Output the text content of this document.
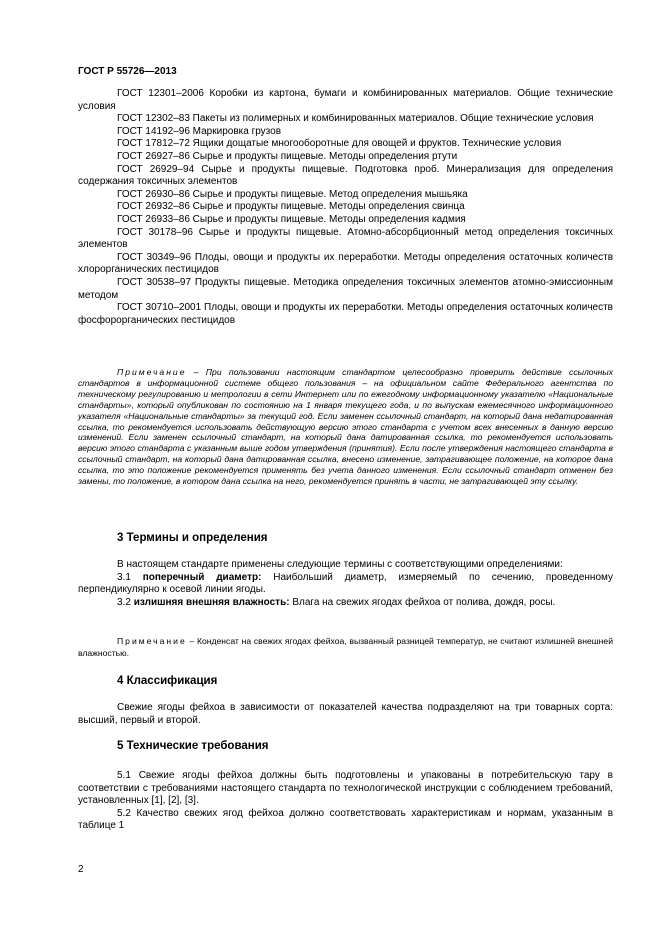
ГОСТ Р 55726—2013

ГОСТ 12301–2006 Коробки из картона, бумаги и комбинированных материалов. Общие технические условия

ГОСТ 12302–83 Пакеты из полимерных и комбинированных материалов. Общие технические условия

ГОСТ 14192–96 Маркировка грузов

ГОСТ 17812–72 Ящики дощатые многооборотные для овощей и фруктов. Технические условия

ГОСТ 26927–86 Сырье и продукты пищевые. Методы определения ртути

ГОСТ 26929–94 Сырье и продукты пищевые. Подготовка проб. Минерализация для определения содержания токсичных элементов

ГОСТ 26930–86 Сырье и продукты пищевые. Метод определения мышьяка

ГОСТ 26932–86 Сырье и продукты пищевые. Методы определения свинца

ГОСТ 26933–86 Сырье и продукты пищевые. Методы определения кадмия

ГОСТ 30178–96 Сырье и продукты пищевые. Атомно-абсорбционный метод определения токсичных элементов

ГОСТ 30349–96 Плоды, овощи и продукты их переработки. Методы определения остаточных количеств хлорорганических пестицидов

ГОСТ 30538–97 Продукты пищевые. Методика определения токсичных элементов атомно-эмиссионным методом

ГОСТ 30710–2001 Плоды, овощи и продукты их переработки. Методы определения остаточных количеств фосфорорганических пестицидов

Примечание – При пользовании настоящим стандартом целесообразно проверить действие ссылочных стандартов в информационной системе общего пользования – на официальном сайте Федерального агентства по техническому регулированию и метрологии в сети Интернет или по ежегодному информационному указателю «Национальные стандарты», который опубликован по состоянию на 1 января текущего года, и по выпускам ежемесячного информационного указателя «Национальные стандарты» за текущий год. Если заменен ссылочный стандарт, на который дана недатированная ссылка, то рекомендуется использовать действующую версию этого стандарта с учетом всех внесенных в данную версию изменений. Если заменен ссылочный стандарт, на который дана датированная ссылка, то рекомендуется использовать версию этого стандарта с указанным выше годом утверждения (принятия). Если после утверждения настоящего стандарта в ссылочный стандарт, на который дана датированная ссылка, внесено изменение, затрагивающее положение, на которое дана ссылка, то это положение рекомендуется применять без учета данного изменения. Если ссылочный стандарт отменен без замены, то положение, в котором дана ссылка на него, рекомендуется принять в части, не затрагивающей эту ссылку.

3 Термины и определения

В настоящем стандарте применены следующие термины с соответствующими определениями:

3.1 поперечный диаметр: Наибольший диаметр, измеряемый по сечению, проведенному перпендикулярно к осевой линии ягоды.

3.2 излишняя внешняя влажность: Влага на свежих ягодах фейхоа от полива, дождя, росы.

Примечание – Конденсат на свежих ягодах фейхоа, вызванный разницей температур, не считают излишней внешней влажностью.

4 Классификация

Свежие ягоды фейхоа в зависимости от показателей качества подразделяют на три товарных сорта: высший, первый и второй.

5 Технические требования

5.1 Свежие ягоды фейхоа должны быть подготовлены и упакованы в потребительскую тару в соответствии с требованиями настоящего стандарта по технологической инструкции с соблюдением требований, установленных [1], [2], [3].

5.2 Качество свежих ягод фейхоа должно соответствовать характеристикам и нормам, указанным в таблице 1

2
